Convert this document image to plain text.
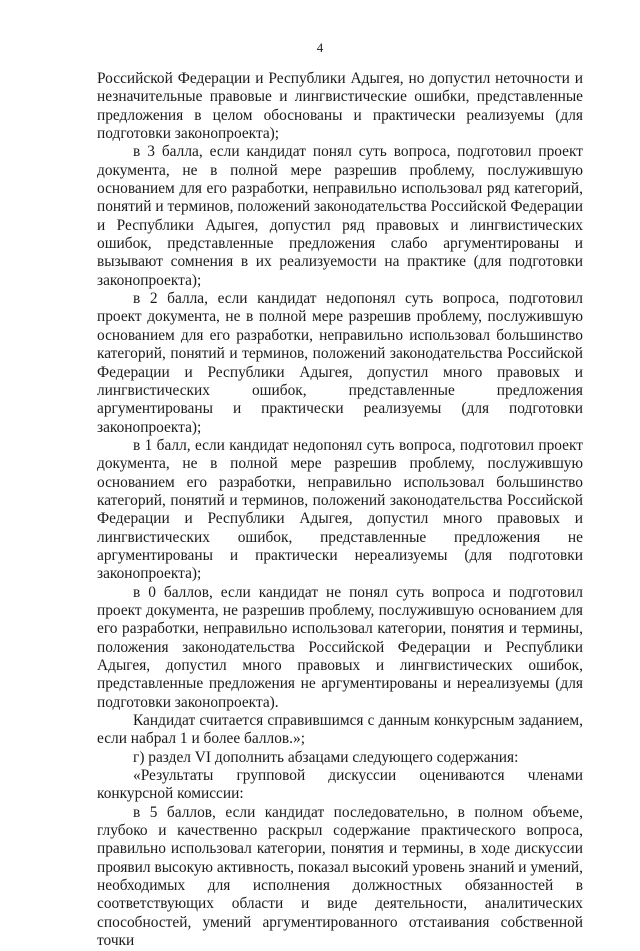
4

Российской Федерации и Республики Адыгея, но допустил неточности и незначительные правовые и лингвистические ошибки, представленные предложения в целом обоснованы и практически реализуемы (для подготовки законопроекта);

в 3 балла, если кандидат понял суть вопроса, подготовил проект документа, не в полной мере разрешив проблему, послужившую основанием для его разработки, неправильно использовал ряд категорий, понятий и терминов, положений законодательства Российской Федерации и Республики Адыгея, допустил ряд правовых и лингвистических ошибок, представленные предложения слабо аргументированы и вызывают сомнения в их реализуемости на практике (для подготовки законопроекта);

в 2 балла, если кандидат недопонял суть вопроса, подготовил проект документа, не в полной мере разрешив проблему, послужившую основанием для его разработки, неправильно использовал большинство категорий, понятий и терминов, положений законодательства Российской Федерации и Республики Адыгея, допустил много правовых и лингвистических ошибок, представленные предложения аргументированы и практически реализуемы (для подготовки законопроекта);

в 1 балл, если кандидат недопонял суть вопроса, подготовил проект документа, не в полной мере разрешив проблему, послужившую основанием его разработки, неправильно использовал большинство категорий, понятий и терминов, положений законодательства Российской Федерации и Республики Адыгея, допустил много правовых и лингвистических ошибок, представленные предложения не аргументированы и практически нереализуемы (для подготовки законопроекта);

в 0 баллов, если кандидат не понял суть вопроса и подготовил проект документа, не разрешив проблему, послужившую основанием для его разработки, неправильно использовал категории, понятия и термины, положения законодательства Российской Федерации и Республики Адыгея, допустил много правовых и лингвистических ошибок, представленные предложения не аргументированы и нереализуемы (для подготовки законопроекта).

Кандидат считается справившимся с данным конкурсным заданием, если набрал 1 и более баллов.»;

г) раздел VI дополнить абзацами следующего содержания:

«Результаты групповой дискуссии оцениваются членами конкурсной комиссии:

в 5 баллов, если кандидат последовательно, в полном объеме, глубоко и качественно раскрыл содержание практического вопроса, правильно использовал категории, понятия и термины, в ходе дискуссии проявил высокую активность, показал высокий уровень знаний и умений, необходимых для исполнения должностных обязанностей в соответствующих области и виде деятельности, аналитических способностей, умений аргументированного отстаивания собственной точки
